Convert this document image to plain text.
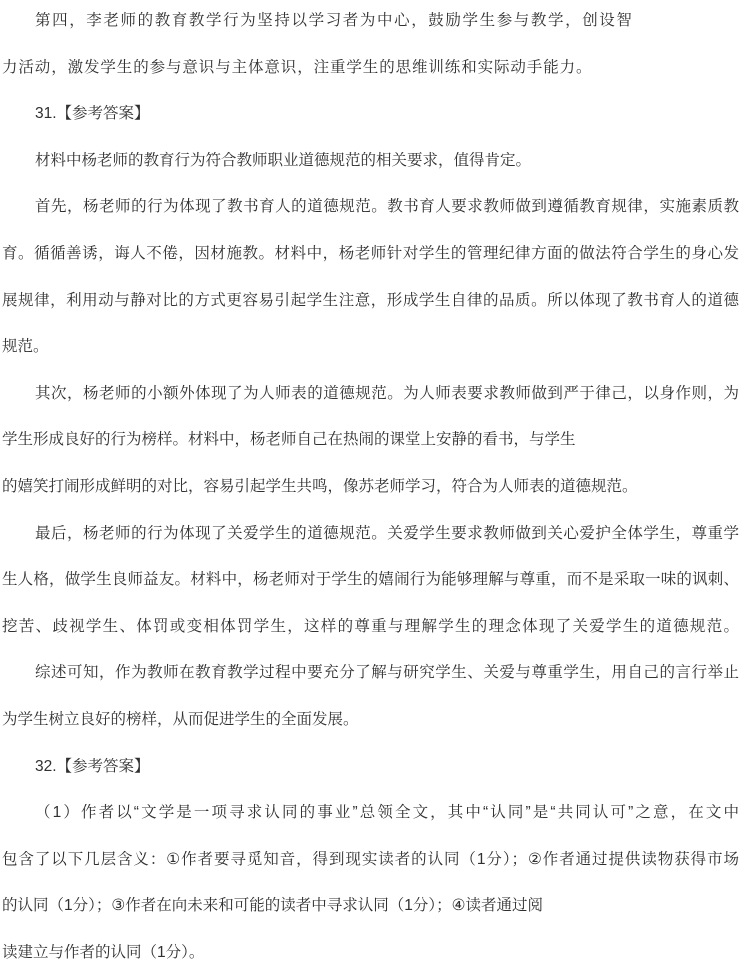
第四，李老师的教育教学行为坚持以学习者为中心，鼓励学生参与教学，创设智

力活动，激发学生的参与意识与主体意识，注重学生的思维训练和实际动手能力。

31.【参考答案】

材料中杨老师的教育行为符合教师职业道德规范的相关要求，值得肯定。

首先，杨老师的行为体现了教书育人的道德规范。教书育人要求教师做到遵循教育规律，实施素质教

育。循循善诱，诲人不倦，因材施教。材料中，杨老师针对学生的管理纪律方面的做法符合学生的身心发

展规律，利用动与静对比的方式更容易引起学生注意，形成学生自律的品质。所以体现了教书育人的道德

规范。

其次，杨老师的小额外体现了为人师表的道德规范。为人师表要求教师做到严于律己，以身作则，为

学生形成良好的行为榜样。材料中，杨老师自己在热闹的课堂上安静的看书，与学生

的嬉笑打闹形成鲜明的对比，容易引起学生共鸣，像苏老师学习，符合为人师表的道德规范。

最后，杨老师的行为体现了关爱学生的道德规范。关爱学生要求教师做到关心爱护全体学生，尊重学

生人格，做学生良师益友。材料中，杨老师对于学生的嬉闹行为能够理解与尊重，而不是采取一味的讽刺、

挖苦、歧视学生、体罚或变相体罚学生，这样的尊重与理解学生的理念体现了关爱学生的道德规范。

综述可知，作为教师在教育教学过程中要充分了解与研究学生、关爱与尊重学生，用自己的言行举止

为学生树立良好的榜样，从而促进学生的全面发展。

32.【参考答案】

（1）作者以“文学是一项寻求认同的事业”总领全文，其中“认同”是“共同认可”之意，在文中

包含了以下几层含义：①作者要寻觅知音，得到现实读者的认同（1分）；②作者通过提供读物获得市场

的认同（1分）；③作者在向未来和可能的读者中寻求认同（1分）；④读者通过阅

读建立与作者的认同（1分）。
